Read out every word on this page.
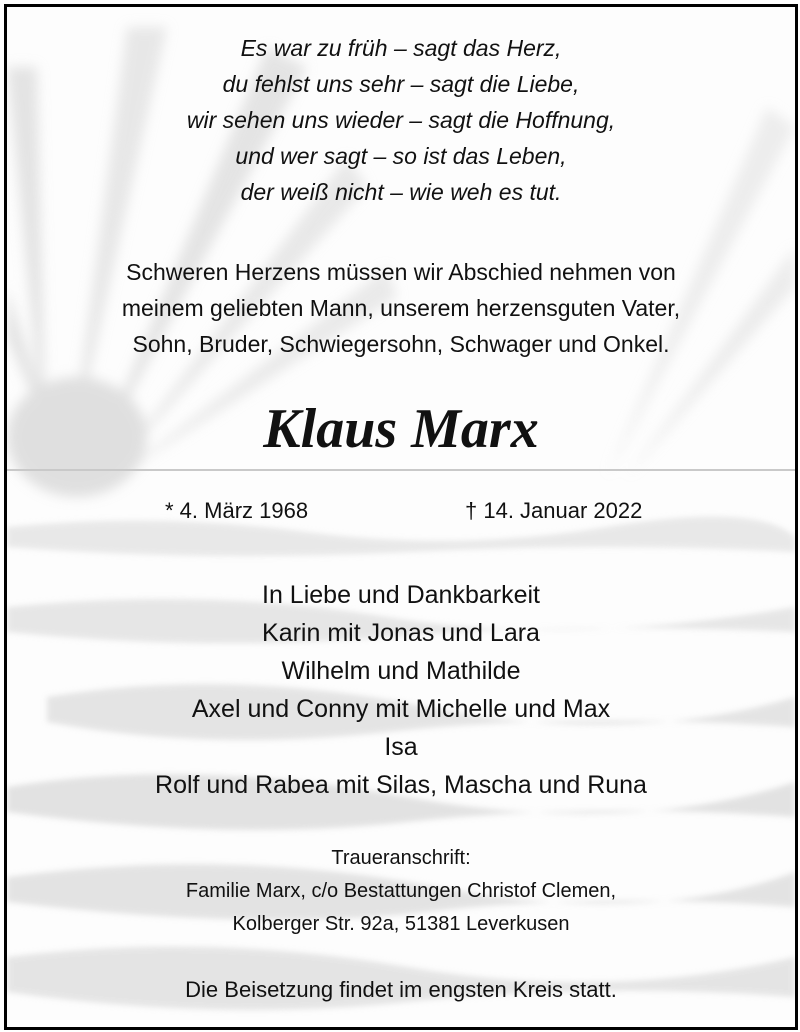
Es war zu früh – sagt das Herz,
du fehlst uns sehr – sagt die Liebe,
wir sehen uns wieder – sagt die Hoffnung,
und wer sagt – so ist das Leben,
der weiß nicht – wie weh es tut.
Schweren Herzens müssen wir Abschied nehmen von
meinem geliebten Mann, unserem herzensguten Vater,
Sohn, Bruder, Schwiegersohn, Schwager und Onkel.
Klaus Marx
* 4. März 1968	† 14. Januar 2022
In Liebe und Dankbarkeit
Karin mit Jonas und Lara
Wilhelm und Mathilde
Axel und Conny mit Michelle und Max
Isa
Rolf und Rabea mit Silas, Mascha und Runa
Traueranschrift:
Familie Marx, c/o Bestattungen Christof Clemen,
Kolberger Str. 92a, 51381 Leverkusen
Die Beisetzung findet im engsten Kreis statt.
